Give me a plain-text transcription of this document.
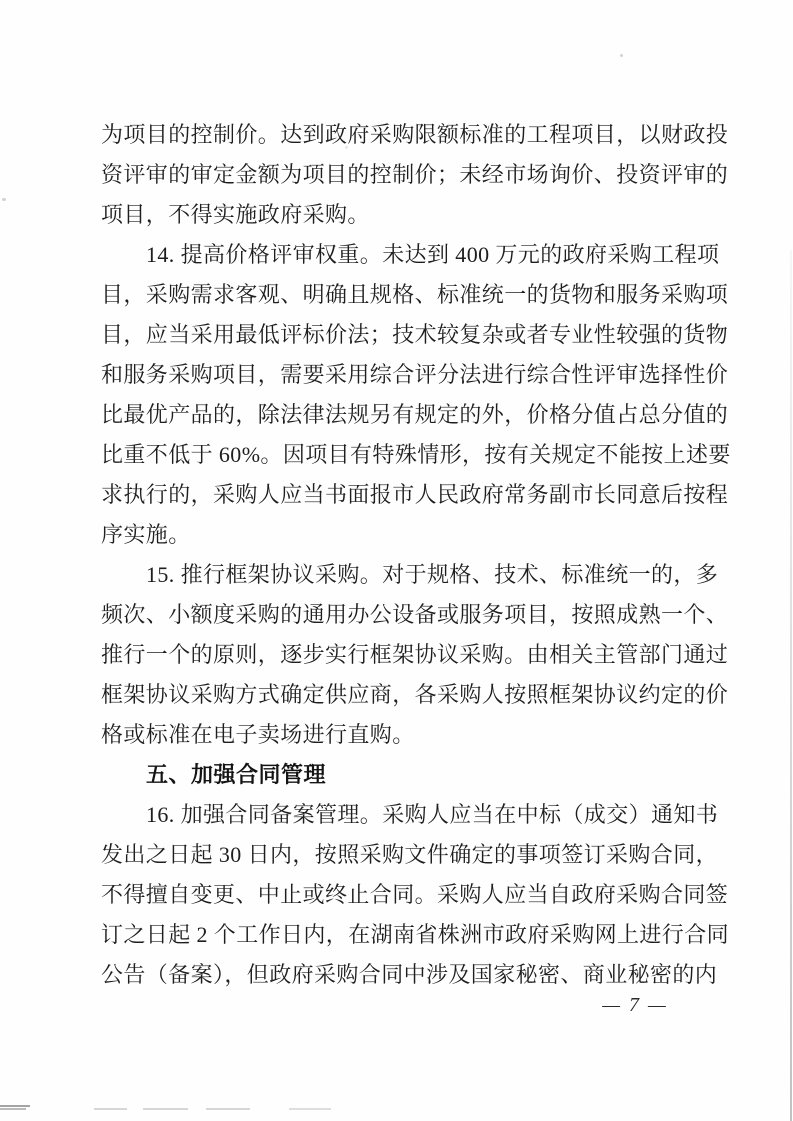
为项目的控制价。达到政府采购限额标准的工程项目，以财政投
资评审的审定金额为项目的控制价；未经市场询价、投资评审的
项目，不得实施政府采购。
14. 提高价格评审权重。未达到 400 万元的政府采购工程项
目，采购需求客观、明确且规格、标准统一的货物和服务采购项
目，应当采用最低评标价法；技术较复杂或者专业性较强的货物
和服务采购项目，需要采用综合评分法进行综合性评审选择性价
比最优产品的，除法律法规另有规定的外，价格分值占总分值的
比重不低于 60%。因项目有特殊情形，按有关规定不能按上述要
求执行的，采购人应当书面报市人民政府常务副市长同意后按程
序实施。
15. 推行框架协议采购。对于规格、技术、标准统一的，多
频次、小额度采购的通用办公设备或服务项目，按照成熟一个、
推行一个的原则，逐步实行框架协议采购。由相关主管部门通过
框架协议采购方式确定供应商，各采购人按照框架协议约定的价
格或标准在电子卖场进行直购。
五、加强合同管理
16. 加强合同备案管理。采购人应当在中标（成交）通知书
发出之日起 30 日内，按照采购文件确定的事项签订采购合同，
不得擅自变更、中止或终止合同。采购人应当自政府采购合同签
订之日起 2 个工作日内，在湖南省株洲市政府采购网上进行合同
公告（备案），但政府采购合同中涉及国家秘密、商业秘密的内
— 7 —
